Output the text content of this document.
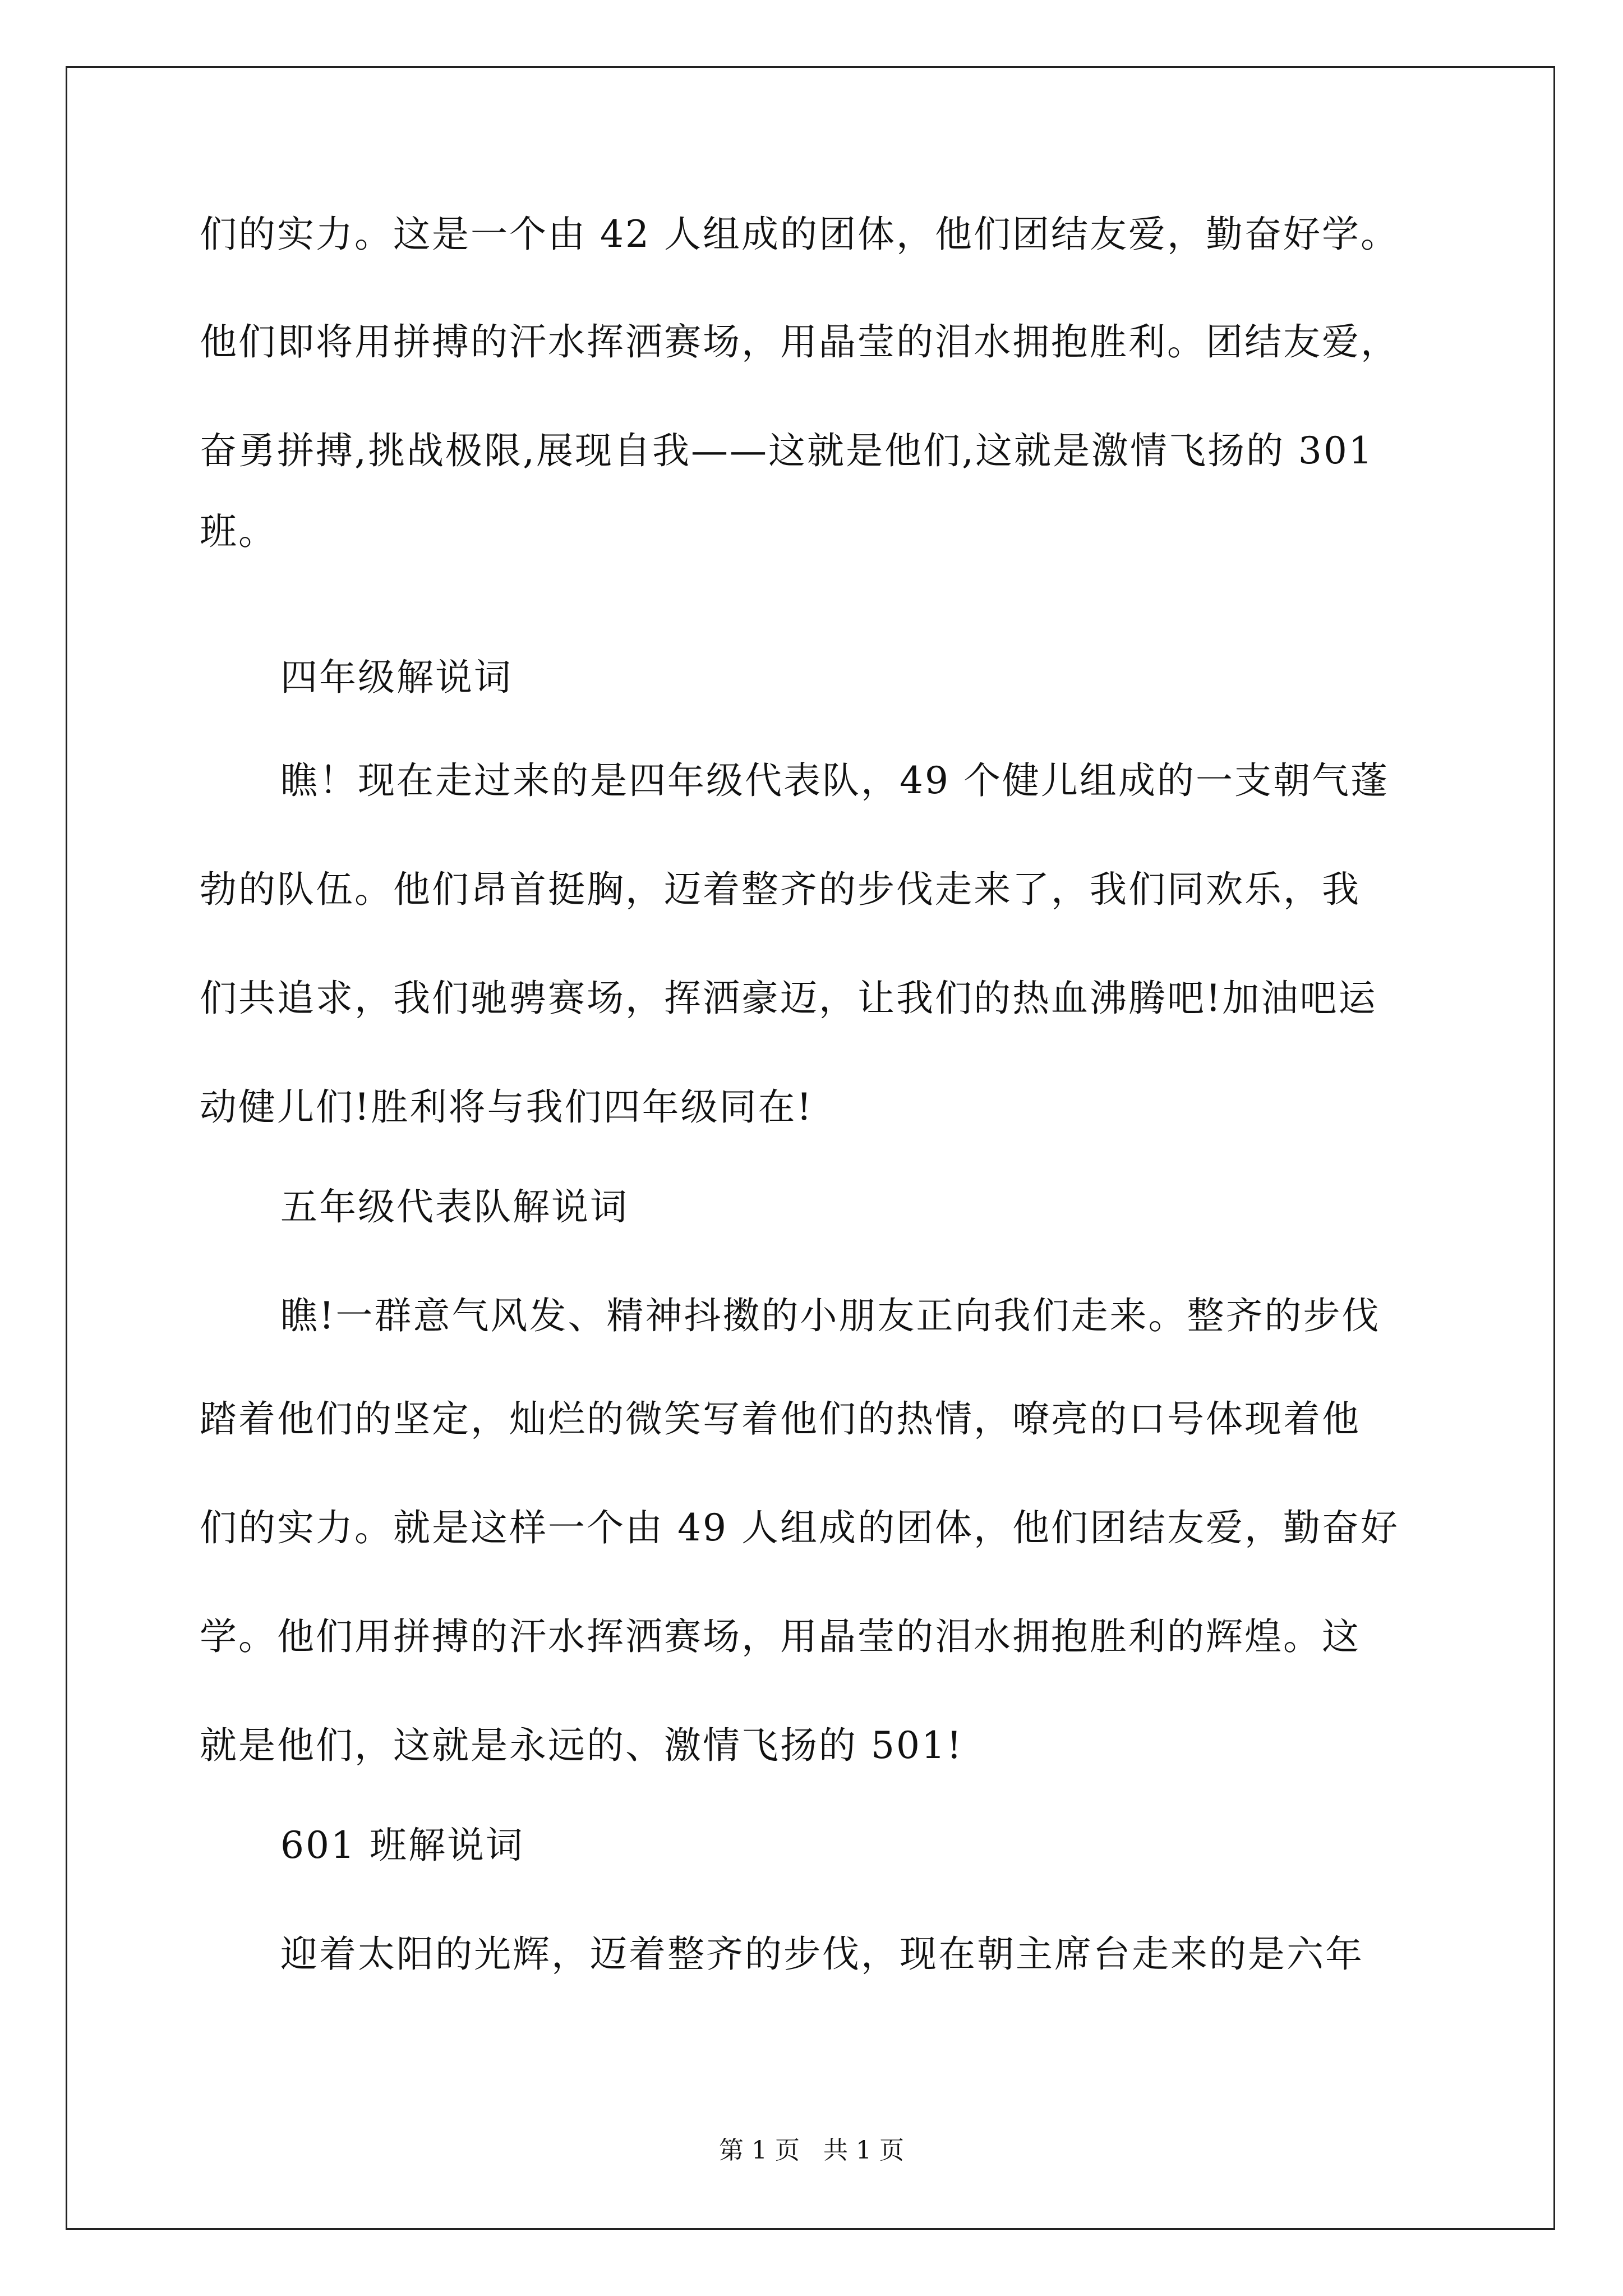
们的实力。这是一个由 42 人组成的团体，他们团结友爱，勤奋好学。
他们即将用拼搏的汗水挥洒赛场，用晶莹的泪水拥抱胜利。团结友爱，
奋勇拼搏,挑战极限,展现自我——这就是他们,这就是激情飞扬的 301
班。
四年级解说词
瞧！现在走过来的是四年级代表队，49 个健儿组成的一支朝气蓬
勃的队伍。他们昂首挺胸，迈着整齐的步伐走来了，我们同欢乐，我
们共追求，我们驰骋赛场，挥洒豪迈，让我们的热血沸腾吧!加油吧运
动健儿们!胜利将与我们四年级同在!
五年级代表队解说词
瞧!一群意气风发、精神抖擞的小朋友正向我们走来。整齐的步伐
踏着他们的坚定，灿烂的微笑写着他们的热情，嘹亮的口号体现着他
们的实力。就是这样一个由 49 人组成的团体，他们团结友爱，勤奋好
学。他们用拼搏的汗水挥洒赛场，用晶莹的泪水拥抱胜利的辉煌。这
就是他们，这就是永远的、激情飞扬的 501!
601 班解说词
迎着太阳的光辉，迈着整齐的步伐，现在朝主席台走来的是六年
第 1 页   共 1 页
